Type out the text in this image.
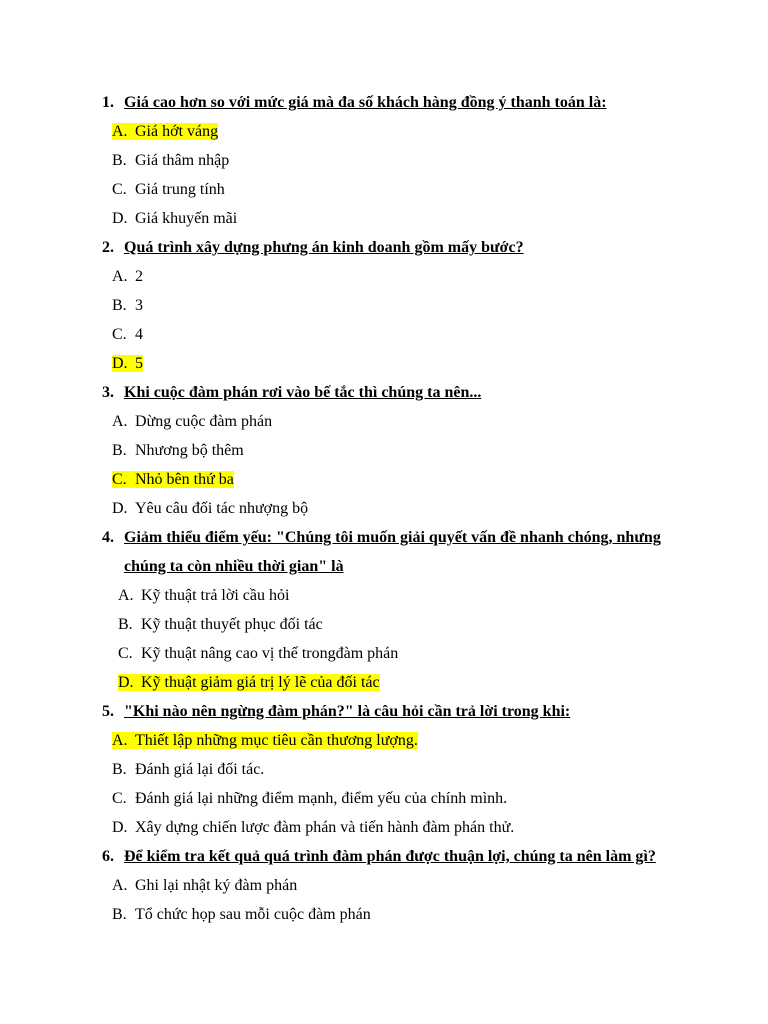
1. Giá cao hơn so với mức giá mà đa số khách hàng đồng ý thanh toán là:
A. Giá hớt váng
B. Giá thâm nhập
C. Giá trung tính
D. Giá khuyến mãi
2. Quá trình xây dựng phưng án kinh doanh gồm mấy bước?
A. 2
B. 3
C. 4
D. 5
3. Khi cuộc đàm phán rơi vào bế tắc thì chúng ta nên...
A. Dừng cuộc đàm phán
B. Nhương bộ thêm
C. Nhỏ bên thứ ba
D. Yêu câu đối tác nhượng bộ
4. Giảm thiểu điểm yếu: "Chúng tôi muốn giải quyết vấn đề nhanh chóng, nhưng
chúng ta còn nhiều thời gian" là
A. Kỹ thuật trả lời cầu hỏi
B. Kỹ thuật thuyết phục đối tác
C. Kỹ thuật nâng cao vị thế trongđàm phán
D. Kỹ thuật giảm giá trị lý lẽ của đối tác
5. "Khi nào nên ngừng đàm phán?" là câu hỏi cần trả lời trong khi:
A. Thiết lập những mục tiêu cần thương lượng.
B. Đánh giá lại đối tác.
C. Đánh giá lại những điểm mạnh, điểm yếu của chính mình.
D. Xây dựng chiến lược đàm phán và tiến hành đàm phán thử.
6. Để kiểm tra kết quả quá trình đàm phán được thuận lợi, chúng ta nên làm gì?
A. Ghi lại nhật ký đàm phán
B. Tổ chức họp sau mỗi cuộc đàm phán
